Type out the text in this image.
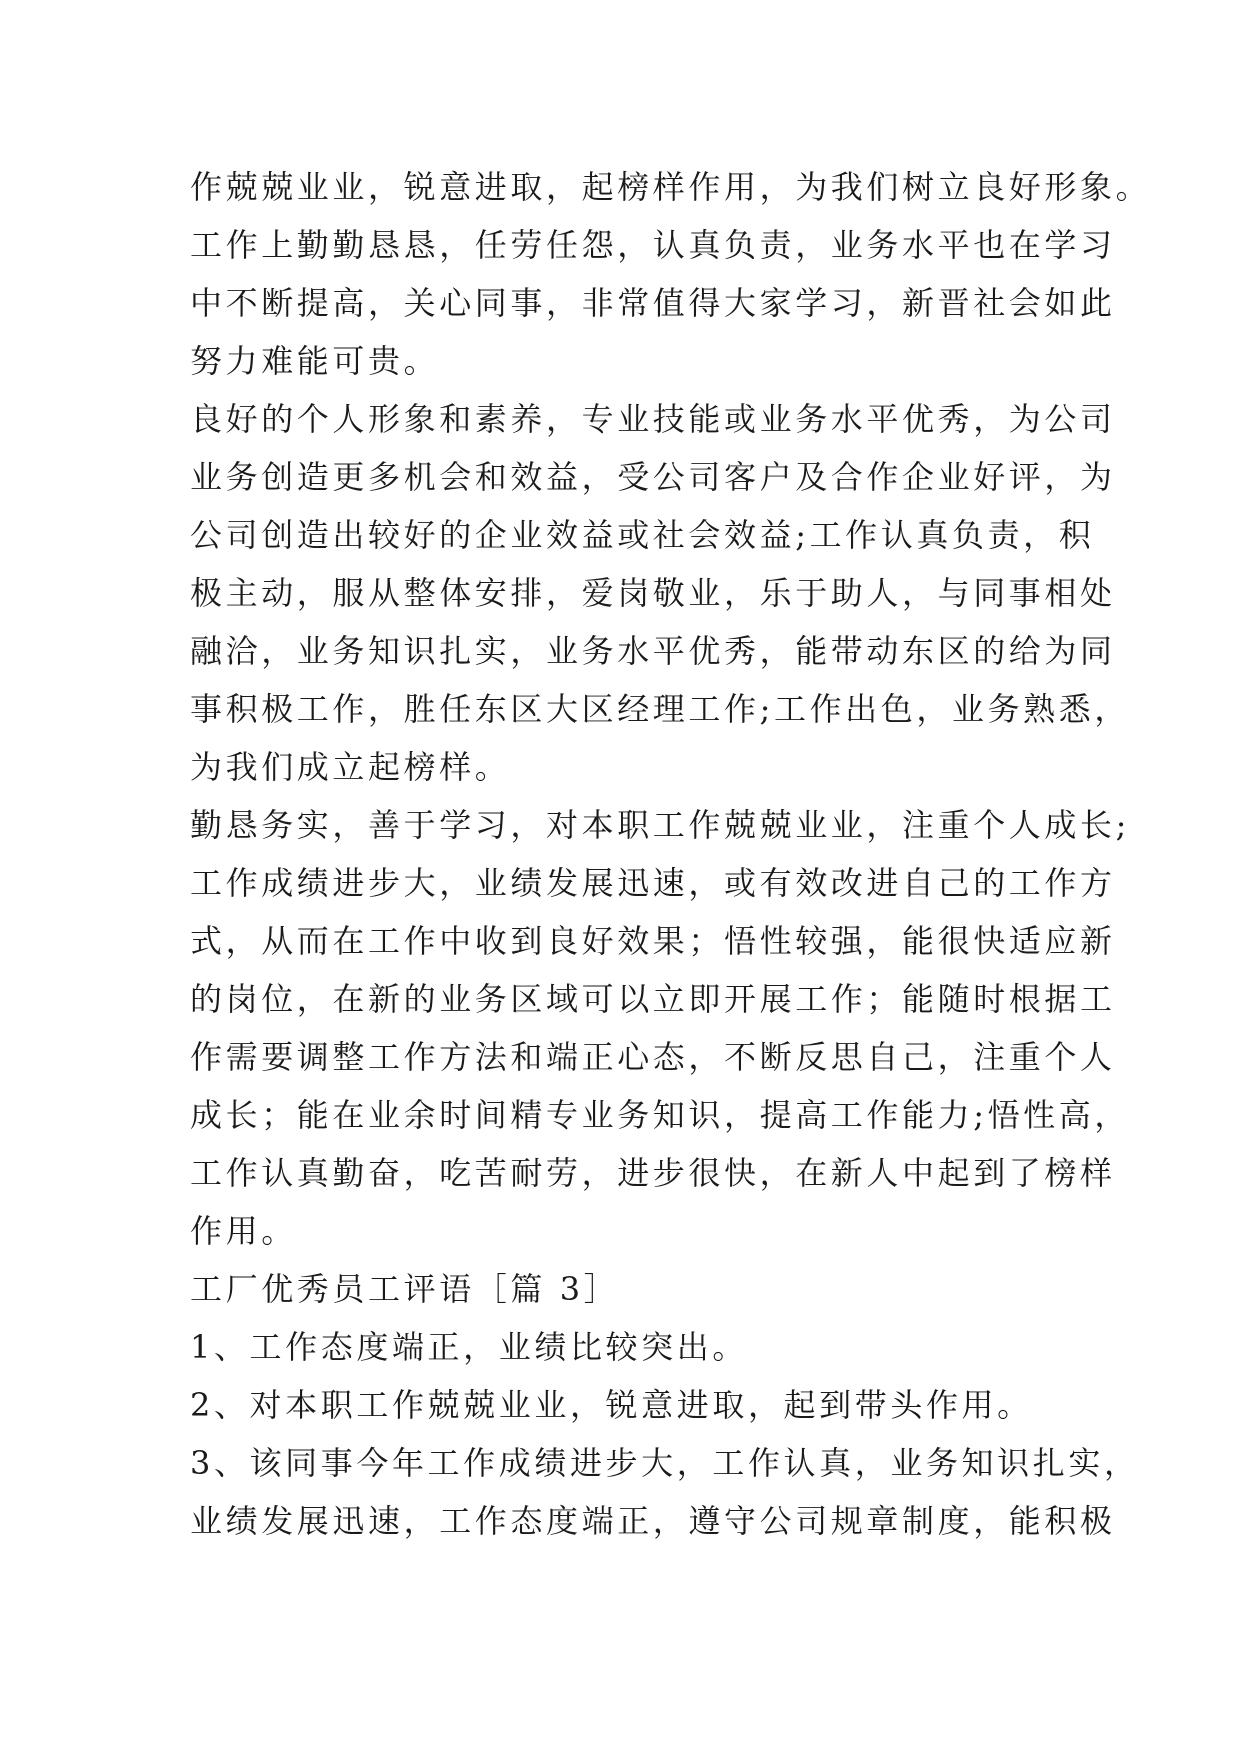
作兢兢业业，锐意进取，起榜样作用，为我们树立良好形象。
工作上勤勤恳恳，任劳任怨，认真负责，业务水平也在学习
中不断提高，关心同事，非常值得大家学习，新晋社会如此
努力难能可贵。
良好的个人形象和素养，专业技能或业务水平优秀，为公司
业务创造更多机会和效益，受公司客户及合作企业好评，为
公司创造出较好的企业效益或社会效益;工作认真负责，积
极主动，服从整体安排，爱岗敬业，乐于助人，与同事相处
融洽，业务知识扎实，业务水平优秀，能带动东区的给为同
事积极工作，胜任东区大区经理工作;工作出色，业务熟悉，
为我们成立起榜样。
勤恳务实，善于学习，对本职工作兢兢业业，注重个人成长;
工作成绩进步大，业绩发展迅速，或有效改进自己的工作方
式，从而在工作中收到良好效果；悟性较强，能很快适应新
的岗位，在新的业务区域可以立即开展工作；能随时根据工
作需要调整工作方法和端正心态，不断反思自己，注重个人
成长；能在业余时间精专业务知识，提高工作能力;悟性高，
工作认真勤奋，吃苦耐劳，进步很快，在新人中起到了榜样
作用。
工厂优秀员工评语［篇 3］
1、工作态度端正，业绩比较突出。
2、对本职工作兢兢业业，锐意进取，起到带头作用。
3、该同事今年工作成绩进步大，工作认真，业务知识扎实，
业绩发展迅速，工作态度端正，遵守公司规章制度，能积极
